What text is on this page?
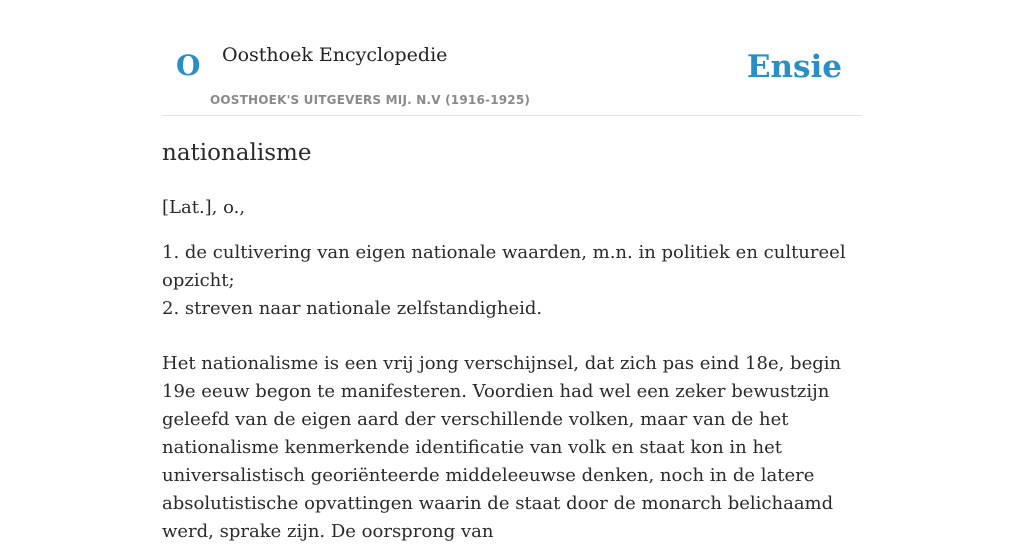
O Oosthoek Encyclopedie
OOSTHOEK'S UITGEVERS MIJ. N.V (1916-1925)
Ensie
nationalisme

[Lat.], o.,

1. de cultivering van eigen nationale waarden, m.n. in politiek en cultureel opzicht;
2. streven naar nationale zelfstandigheid.

Het nationalisme is een vrij jong verschijnsel, dat zich pas eind 18e, begin 19e eeuw begon te manifesteren. Voordien had wel een zeker bewustzijn geleefd van de eigen aard der verschillende volken, maar van de het nationalisme kenmerkende identificatie van volk en staat kon in het universalistisch georiënteerde middeleeuwse denken, noch in de latere absolutistische opvattingen waarin de staat door de monarch belichaamd werd, sprake zijn. De oorsprong van
